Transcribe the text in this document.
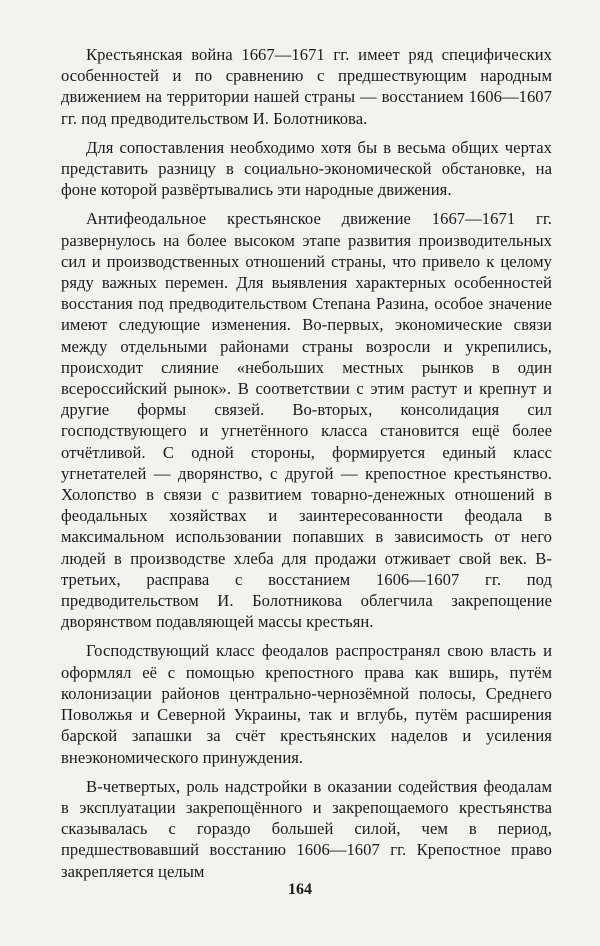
Крестьянская война 1667—1671 гг. имеет ряд специфических особенностей и по сравнению с предшествующим народным движением на территории нашей страны — восстанием 1606—1607 гг. под предводительством И. Болотникова.

Для сопоставления необходимо хотя бы в весьма общих чертах представить разницу в социально-экономической обстановке, на фоне которой развёртывались эти народные движения.

Антифеодальное крестьянское движение 1667—1671 гг. развернулось на более высоком этапе развития производительных сил и производственных отношений страны, что привело к целому ряду важных перемен. Для выявления характерных особенностей восстания под предводительством Степана Разина, особое значение имеют следующие изменения. Во-первых, экономические связи между отдельными районами страны возросли и укрепились, происходит слияние «небольших местных рынков в один всероссийский рынок». В соответствии с этим растут и крепнут и другие формы связей. Во-вторых, консолидация сил господствующего и угнетённого класса становится ещё более отчётливой. С одной стороны, формируется единый класс угнетателей — дворянство, с другой — крепостное крестьянство. Холопство в связи с развитием товарно-денежных отношений в феодальных хозяйствах и заинтересованности феодала в максимальном использовании попавших в зависимость от него людей в производстве хлеба для продажи отживает свой век. В-третьих, расправа с восстанием 1606—1607 гг. под предводительством И. Болотникова облегчила закрепощение дворянством подавляющей массы крестьян.

Господствующий класс феодалов распространял свою власть и оформлял её с помощью крепостного права как вширь, путём колонизации районов центрально-чернозёмной полосы, Среднего Поволжья и Северной Украины, так и вглубь, путём расширения барской запашки за счёт крестьянских наделов и усиления внеэкономического принуждения.

В-четвертых, роль надстройки в оказании содействия феодалам в эксплуатации закрепощённого и закрепощаемого крестьянства сказывалась с гораздо большей силой, чем в период, предшествовавший восстанию 1606—1607 гг. Крепостное право закрепляется целым

164
